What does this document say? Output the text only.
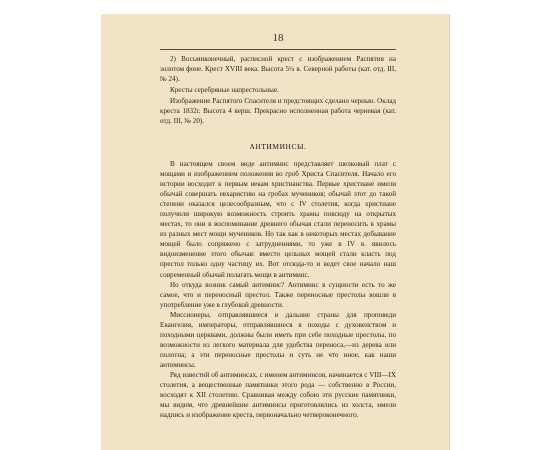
18

2) Восьмиконечный, расписной крест с изображением Распятия на золотом фоне. Крест XVIII века. Высота 5¼ в. Северной работы (кат. отд. III, № 24).

Кресты серебряные напрестольные.

Изображение Распятого Спасителя и предстоящих сделано чернью. Оклад креста 1832г. Высота 4 верш. Прекрасно исполненная работа черневая (кат. отд. III, № 20).

АНТИМИНСЫ.

В настоящем своем виде антиминс представляет шелковый плат с мощами и изображением положения во гроб Христа Спасителя. Начало его истории восходит к первым векам христианства. Первые христиане имели обычай совершать евхаристию на гробах мучеников; обычай этот до такой степени оказался целесообразным, что с IV столетия, когда христиане получили широкую возможность строить храмы повсюду на открытых местах, то они в воспоминание древнего обычая стали переносить в храмы из разных мест мощи мучеников. Но так как в некоторых местах добывание мощей было сопряжено с затруднениями, то уже в IV в. явилось видоизменение этого обычая: вместо цельных мощей стали класть под престол только одну частицу их. Вот отсюда-то и ведет свое начало наш современный обычай полагать мощи в антиминс.

Но откуда возник самый антиминс? Антиминс в сущности есть то же самое, что и переносный престол. Также переносные престолы вошли в употребление уже в глубокой древности.

Миссионеры, отправлявшиеся в дальние страны для проповеди Евангелия, императоры, отправлявшиеся в походы с духовенством и походными церквами, должны были иметь при себе походные престолы, по возможности из легкого материала для удобства переноса,—из дерева или полотна; а эти переносные престолы и суть не что иное, как наши антиминсы.

Ряд известий об антиминсах, с именем антиминсов, начинается с VIII—IX столетия, а вещественные памятники этого рода — собственно в России, восходят к XII столетию. Сравнивая между собою эти русские памятники, мы видим, что древнейшие антиминсы приготовлялись из холста, имели надпись и изображение креста, первоначально четвероконечного.
